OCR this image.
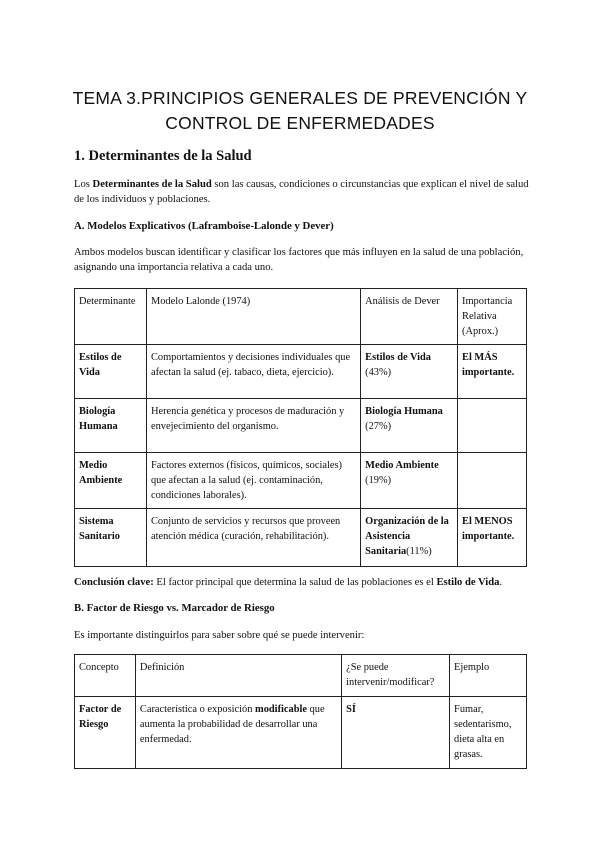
TEMA 3.PRINCIPIOS GENERALES DE PREVENCIÓN Y
CONTROL DE ENFERMEDADES
1. Determinantes de la Salud

Los Determinantes de la Salud son las causas, condiciones o circunstancias que explican el nivel de salud de los individuos y poblaciones.

A. Modelos Explicativos (Laframboise-Lalonde y Dever)

Ambos modelos buscan identificar y clasificar los factores que más influyen en la salud de una población, asignando una importancia relativa a cada uno.

Determinante	Modelo Lalonde (1974)	Análisis de Dever	Importancia Relativa (Aprox.)
Estilos de Vida	Comportamientos y decisiones individuales que afectan la salud (ej. tabaco, dieta, ejercicio).	Estilos de Vida (43%)	El MÁS importante.
Biología Humana	Herencia genética y procesos de maduración y envejecimiento del organismo.	Biología Humana (27%)	
Medio Ambiente	Factores externos (físicos, químicos, sociales) que afectan a la salud (ej. contaminación, condiciones laborales).	Medio Ambiente (19%)	
Sistema Sanitario	Conjunto de servicios y recursos que proveen atención médica (curación, rehabilitación).	Organización de la Asistencia Sanitaria(11%)	El MENOS importante.

Conclusión clave: El factor principal que determina la salud de las poblaciones es el Estilo de Vida.

B. Factor de Riesgo vs. Marcador de Riesgo

Es importante distinguirlos para saber sobre qué se puede intervenir:

Concepto	Definición	¿Se puede intervenir/modificar?	Ejemplo
Factor de Riesgo	Característica o exposición modificable que aumenta la probabilidad de desarrollar una enfermedad.	SÍ	Fumar, sedentarismo, dieta alta en grasas.
